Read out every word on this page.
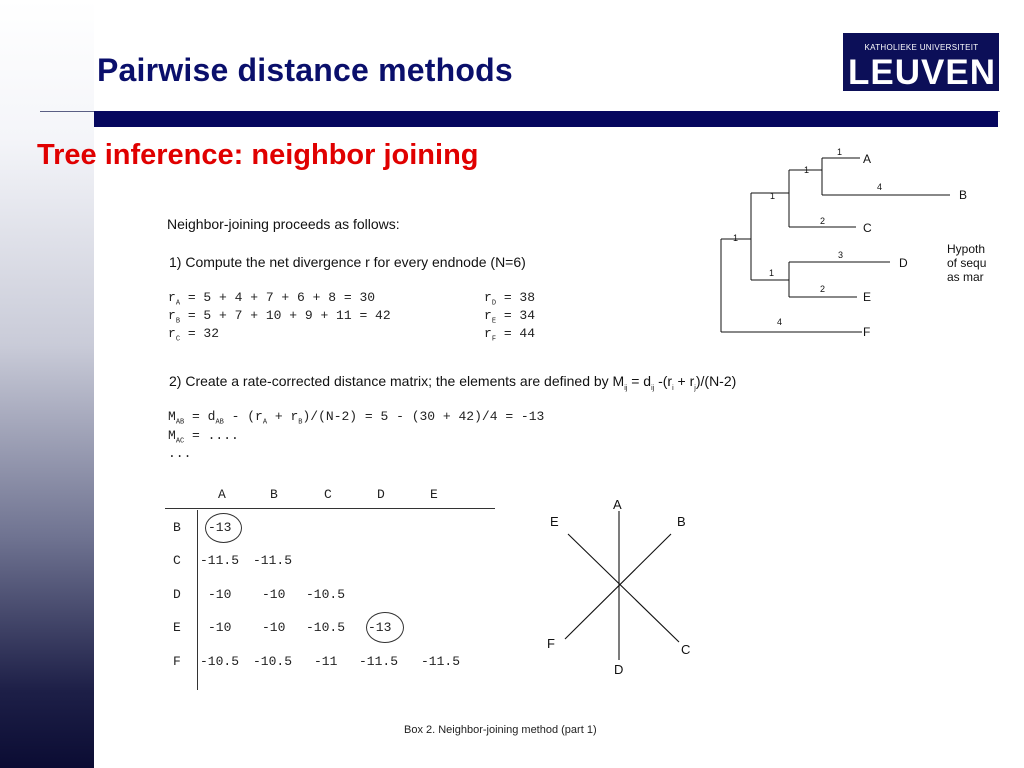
Pairwise distance methods
KATHOLIEKE UNIVERSITEIT
LEUVEN
Tree inference: neighbor joining
Neighbor-joining proceeds as follows:
1) Compute the net divergence r for every endnode (N=6)
$r_A = 5 + 4 + 7 + 6 + 8 = 30$
$r_B = 5 + 7 + 10 + 9 + 11 = 42$
$r_C = 32$
$r_D = 38$
$r_E = 34$
$r_F = 44$
2) Create a rate-corrected distance matrix; the elements are defined by $M_{ij} = d_{ij}$ $-(r_i + r_j)/(N-2)$
$M_{AB} = d_{AB} - (r_A + r_B)/(N-2) = 5 - (30 + 42)/4 = -13$
$M_{AC}$ = ....
...
A	B	C	D	E
B -13
C -11.5 -11.5
D -10 -10 -10.5
E -10 -10 -10.5 -13
F -10.5 -10.5 -11 -11.5 -11.5
1
1
4
1
2
1
3
1
2
4
A
B
C
D
E
F
Hypoth
of sequ
as mar
A
B
C
D
E
F
Box 2. Neighbor-joining method (part 1)
